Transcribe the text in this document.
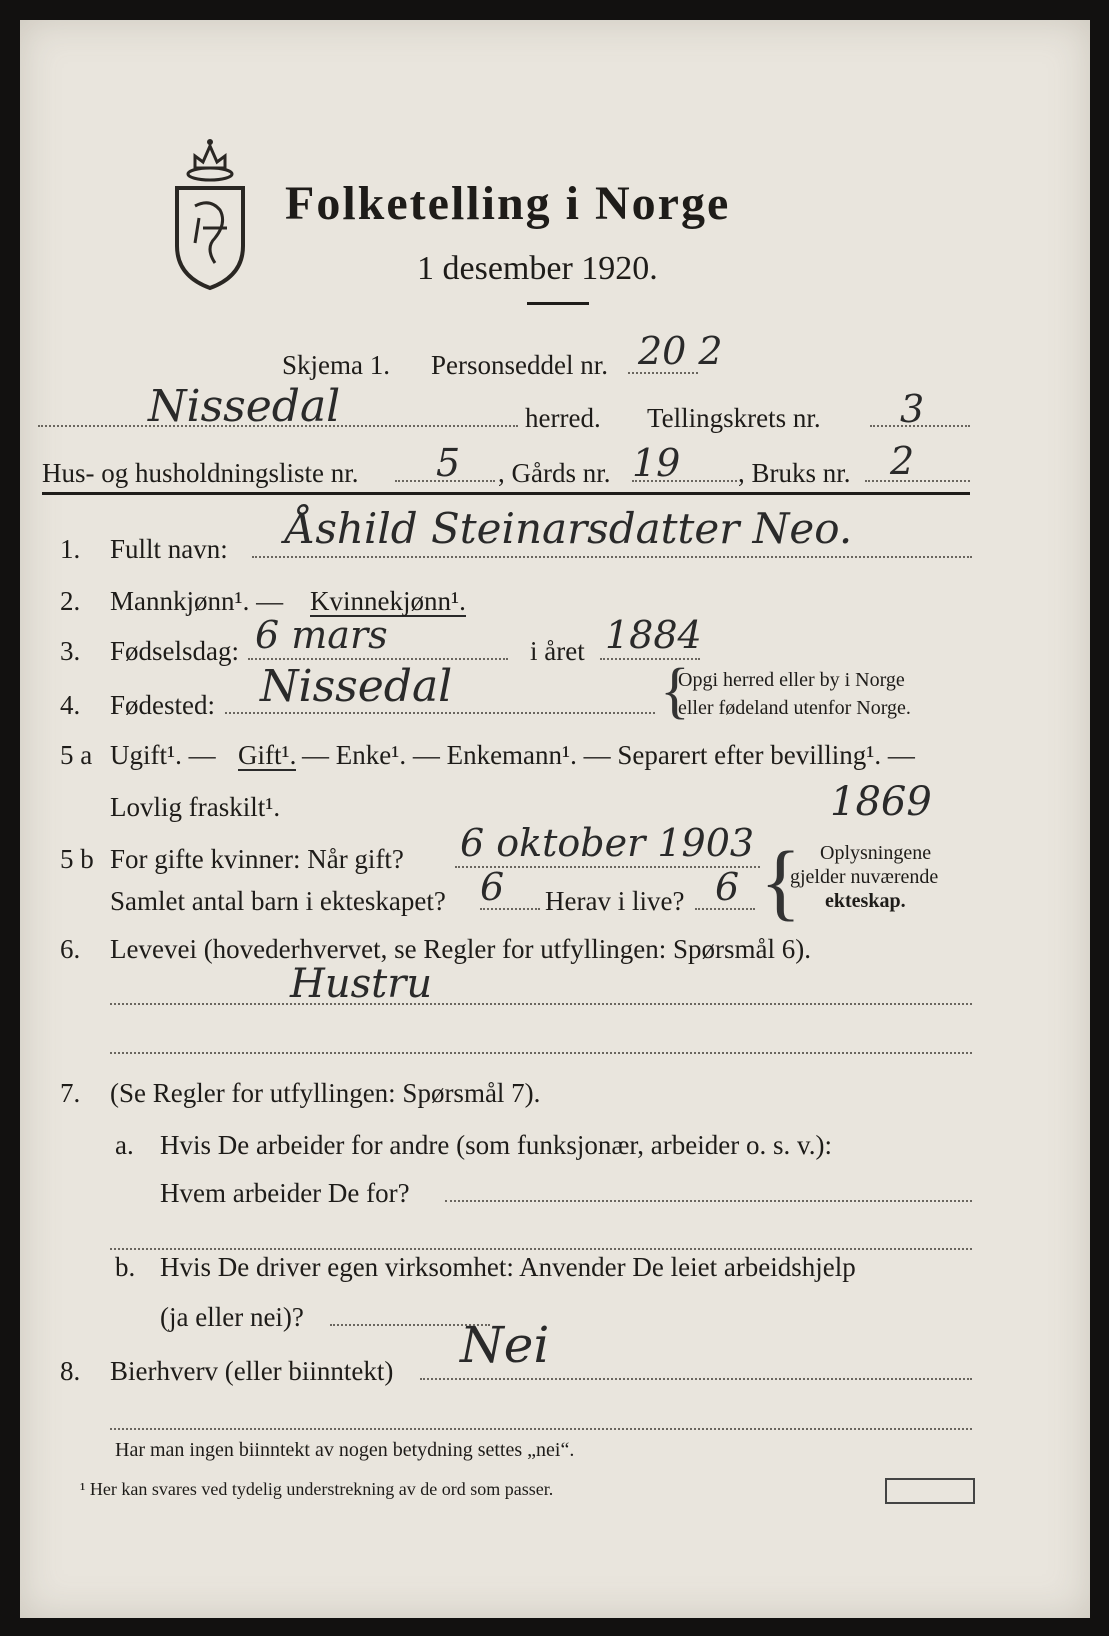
Folketelling i Norge
1 desember 1920.
Skjema 1. Personseddel nr. 20 2
Nissedal	herred. Tellingskrets nr. 3
Hus- og husholdningsliste nr. 5 , Gårds nr. 19 , Bruks nr. 2
1. Fullt navn: Åshild Steinarsdatter Neo.
2. Mannkjønn¹. — Kvinnekjønn¹.
3. Fødselsdag: 6 mars	i året 1884
4. Fødested: Nissedal	{
Opgi herred eller by i Norge
eller fødeland utenfor Norge.
5 a Ugift¹. — Gift¹. — Enke¹. — Enkemann¹. — Separert efter bevilling¹. —
Lovlig fraskilt¹.	1869
5 b For gifte kvinner: Når gift? 6 oktober 1903
Samlet antal barn i ekteskapet? 6 Herav i live? 6 { Oplysningene
gjelder nuværende
ekteskap.
6. Levevei (hovederhvervet, se Regler for utfyllingen: Spørsmål 6).
Hustru
7. (Se Regler for utfyllingen: Spørsmål 7).
a. Hvis De arbeider for andre (som funksjonær, arbeider o. s. v.):
Hvem arbeider De for?
b. Hvis De driver egen virksomhet: Anvender De leiet arbeidshjelp
(ja eller nei)?
8. Bierhverv (eller biinntekt) Nei
Har man ingen biinntekt av nogen betydning settes „nei“.
¹ Her kan svares ved tydelig understrekning av de ord som passer.
